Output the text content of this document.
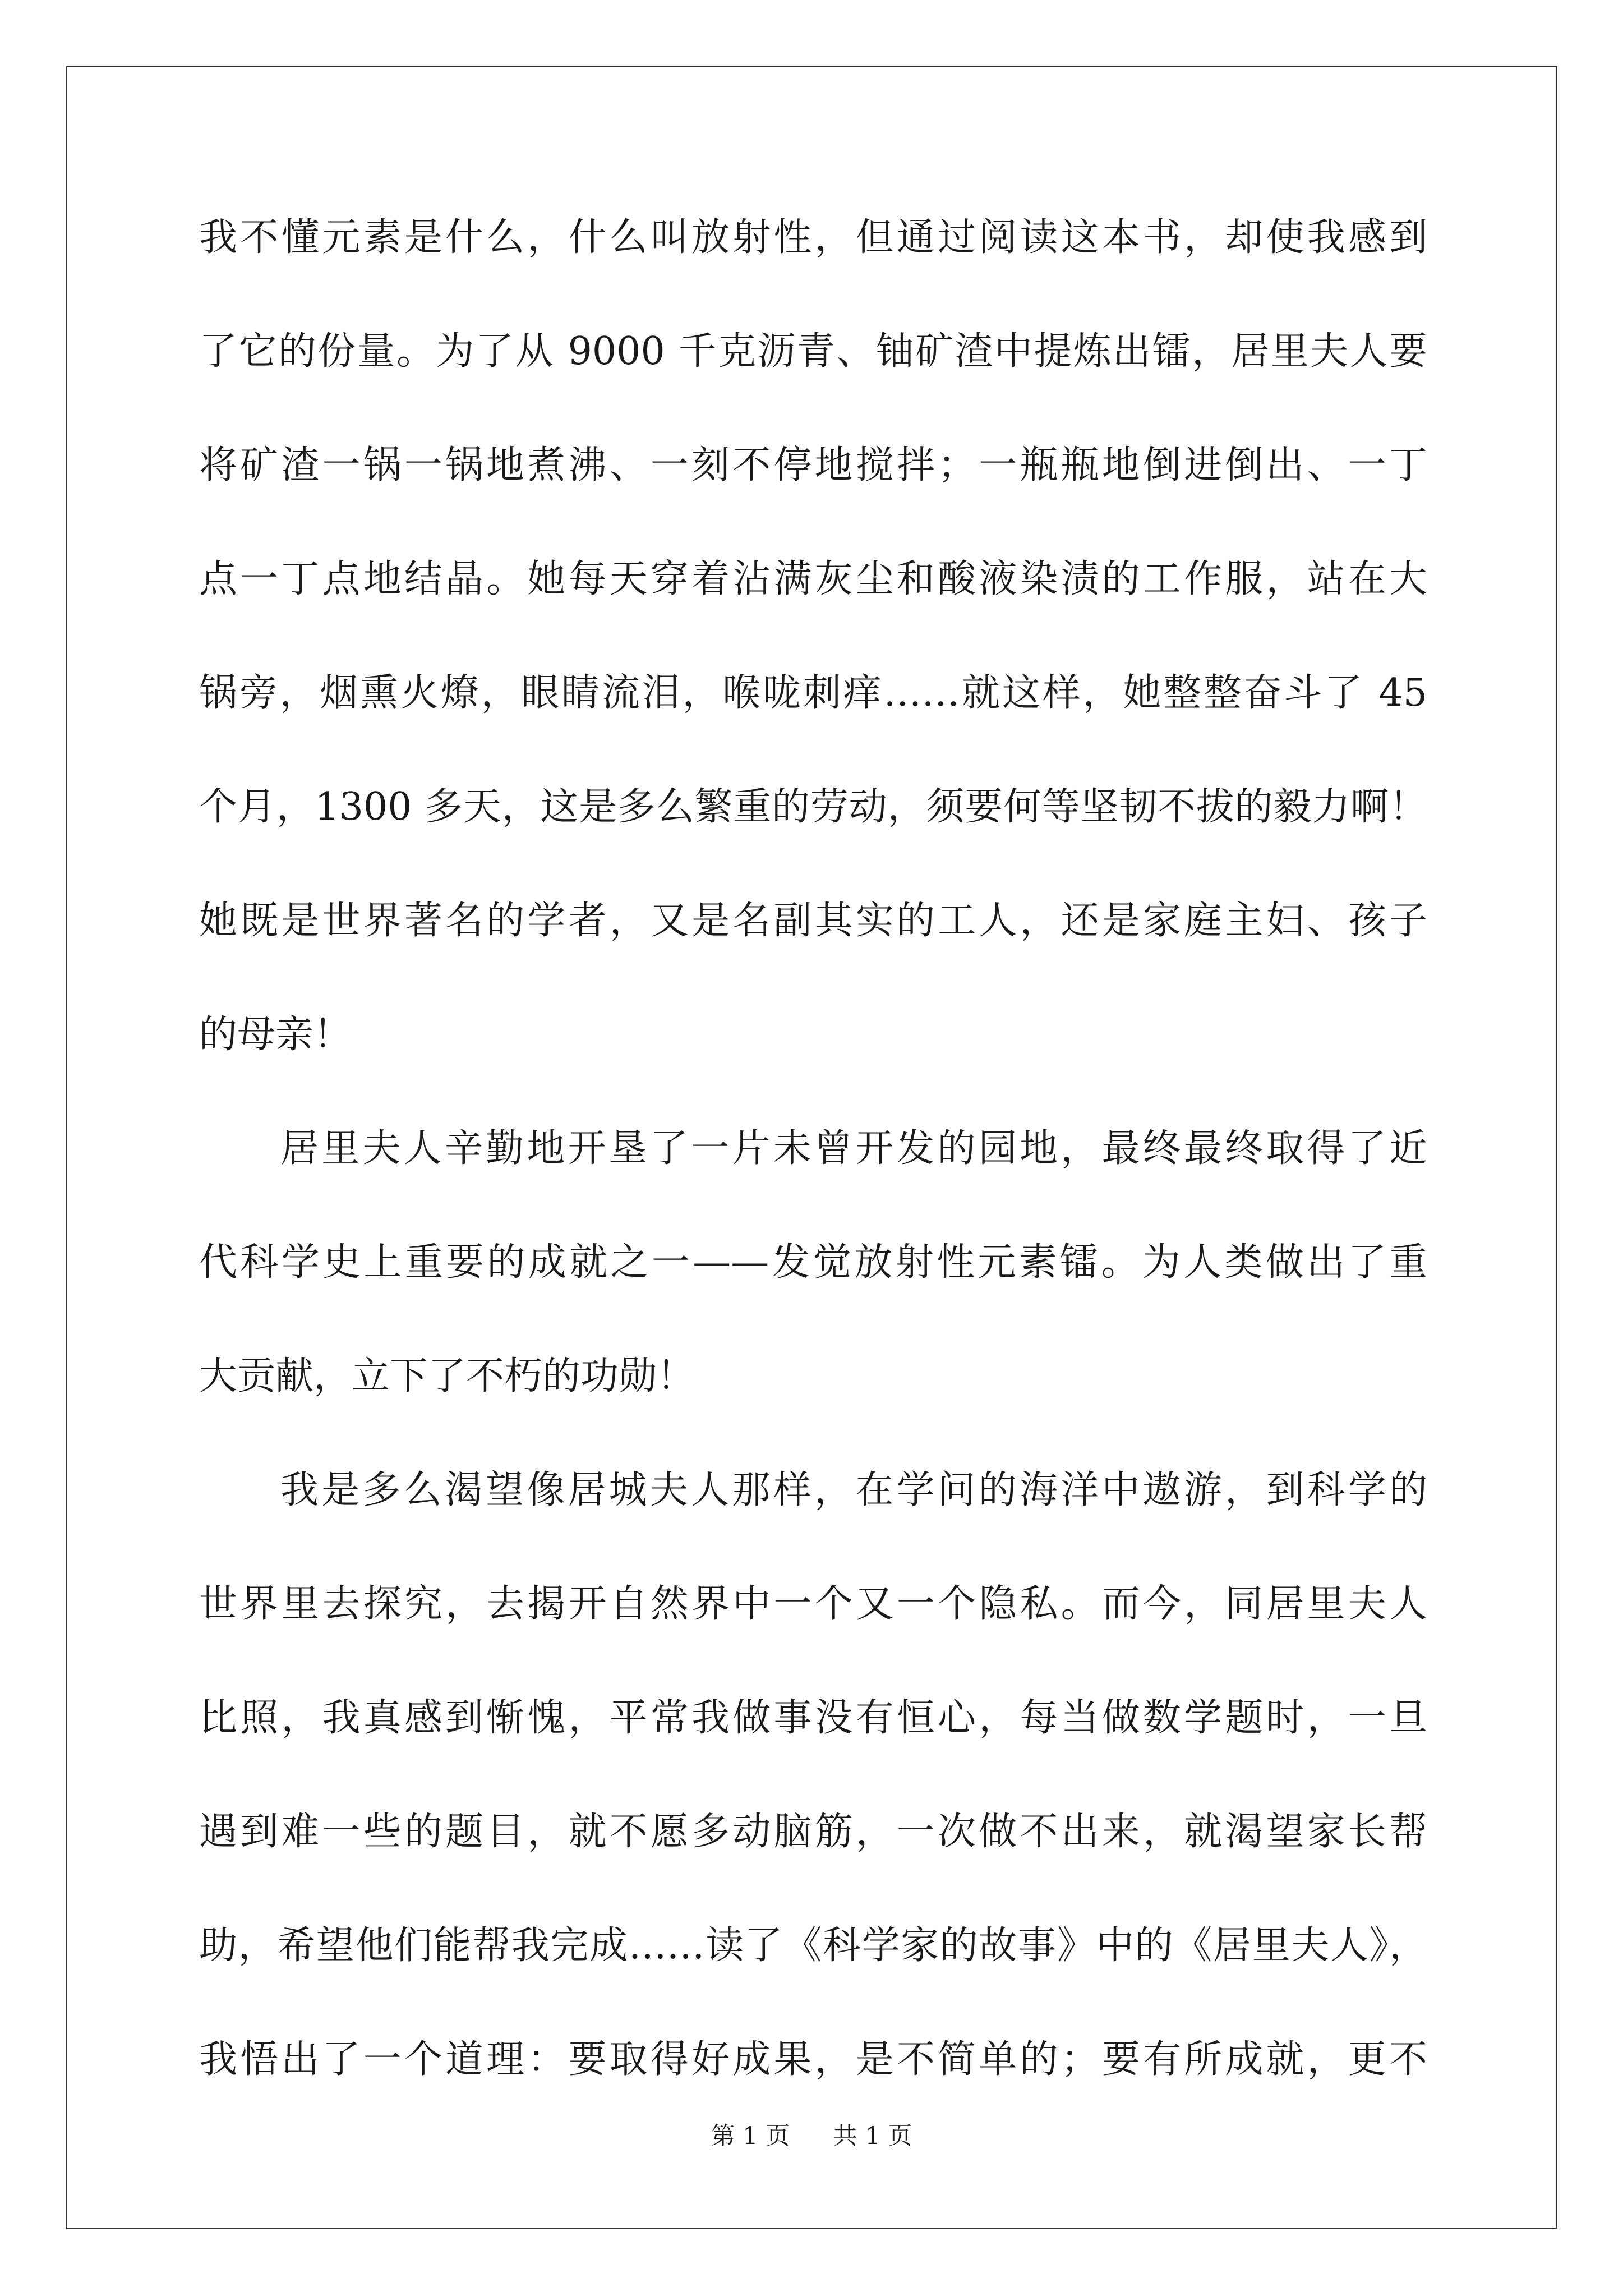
我不懂元素是什么，什么叫放射性，但通过阅读这本书，却使我感到
了它的份量。为了从 9000 千克沥青、铀矿渣中提炼出镭，居里夫人要
将矿渣一锅一锅地煮沸、一刻不停地搅拌；一瓶瓶地倒进倒出、一丁
点一丁点地结晶。她每天穿着沾满灰尘和酸液染渍的工作服，站在大
锅旁，烟熏火燎，眼睛流泪，喉咙刺痒……就这样，她整整奋斗了 45
个月，1300 多天，这是多么繁重的劳动，须要何等坚韧不拔的毅力啊！
她既是世界著名的学者，又是名副其实的工人，还是家庭主妇、孩子
的母亲！
居里夫人辛勤地开垦了一片未曾开发的园地，最终最终取得了近
代科学史上重要的成就之一——发觉放射性元素镭。为人类做出了重
大贡献，立下了不朽的功勋！
我是多么渴望像居城夫人那样，在学问的海洋中遨游，到科学的
世界里去探究，去揭开自然界中一个又一个隐私。而今，同居里夫人
比照，我真感到惭愧，平常我做事没有恒心，每当做数学题时，一旦
遇到难一些的题目，就不愿多动脑筋，一次做不出来，就渴望家长帮
助，希望他们能帮我完成……读了《科学家的故事》中的《居里夫人》，
我悟出了一个道理：要取得好成果，是不简单的；要有所成就，更不
第 1 页 共 1 页
